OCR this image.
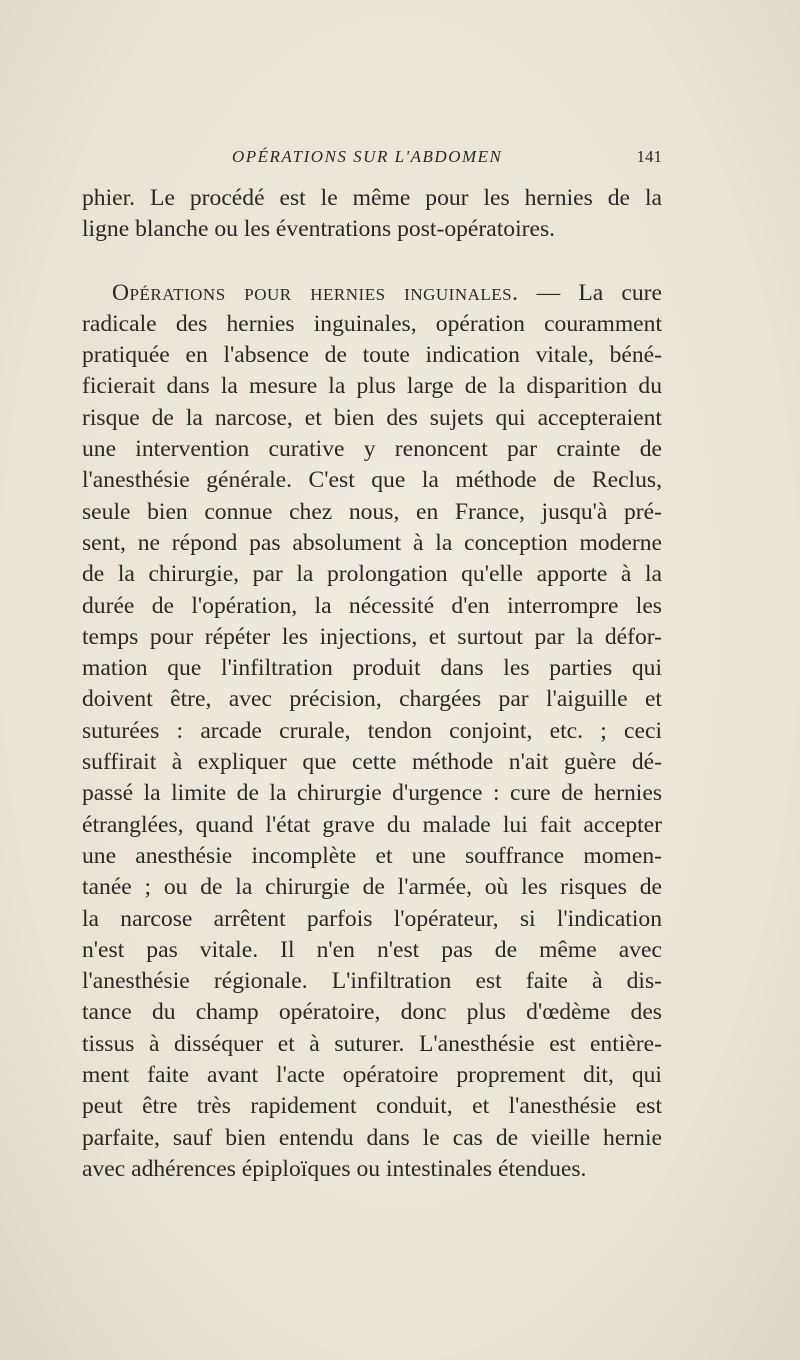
OPÉRATIONS SUR L'ABDOMEN	141
phier. Le procédé est le même pour les hernies de la
ligne blanche ou les éventrations post-opératoires.
Opérations pour hernies inguinales. — La cure
radicale des hernies inguinales, opération couramment
pratiquée en l'absence de toute indication vitale, béné-
ficierait dans la mesure la plus large de la disparition du
risque de la narcose, et bien des sujets qui accepteraient
une intervention curative y renoncent par crainte de
l'anesthésie générale. C'est que la méthode de Reclus,
seule bien connue chez nous, en France, jusqu'à pré-
sent, ne répond pas absolument à la conception moderne
de la chirurgie, par la prolongation qu'elle apporte à la
durée de l'opération, la nécessité d'en interrompre les
temps pour répéter les injections, et surtout par la défor-
mation que l'infiltration produit dans les parties qui
doivent être, avec précision, chargées par l'aiguille et
suturées : arcade crurale, tendon conjoint, etc. ; ceci
suffirait à expliquer que cette méthode n'ait guère dé-
passé la limite de la chirurgie d'urgence : cure de hernies
étranglées, quand l'état grave du malade lui fait accepter
une anesthésie incomplète et une souffrance momen-
tanée ; ou de la chirurgie de l'armée, où les risques de
la narcose arrêtent parfois l'opérateur, si l'indication
n'est pas vitale. Il n'en n'est pas de même avec
l'anesthésie régionale. L'infiltration est faite à dis-
tance du champ opératoire, donc plus d'œdème des
tissus à disséquer et à suturer. L'anesthésie est entière-
ment faite avant l'acte opératoire proprement dit, qui
peut être très rapidement conduit, et l'anesthésie est
parfaite, sauf bien entendu dans le cas de vieille hernie
avec adhérences épiploïques ou intestinales étendues.
